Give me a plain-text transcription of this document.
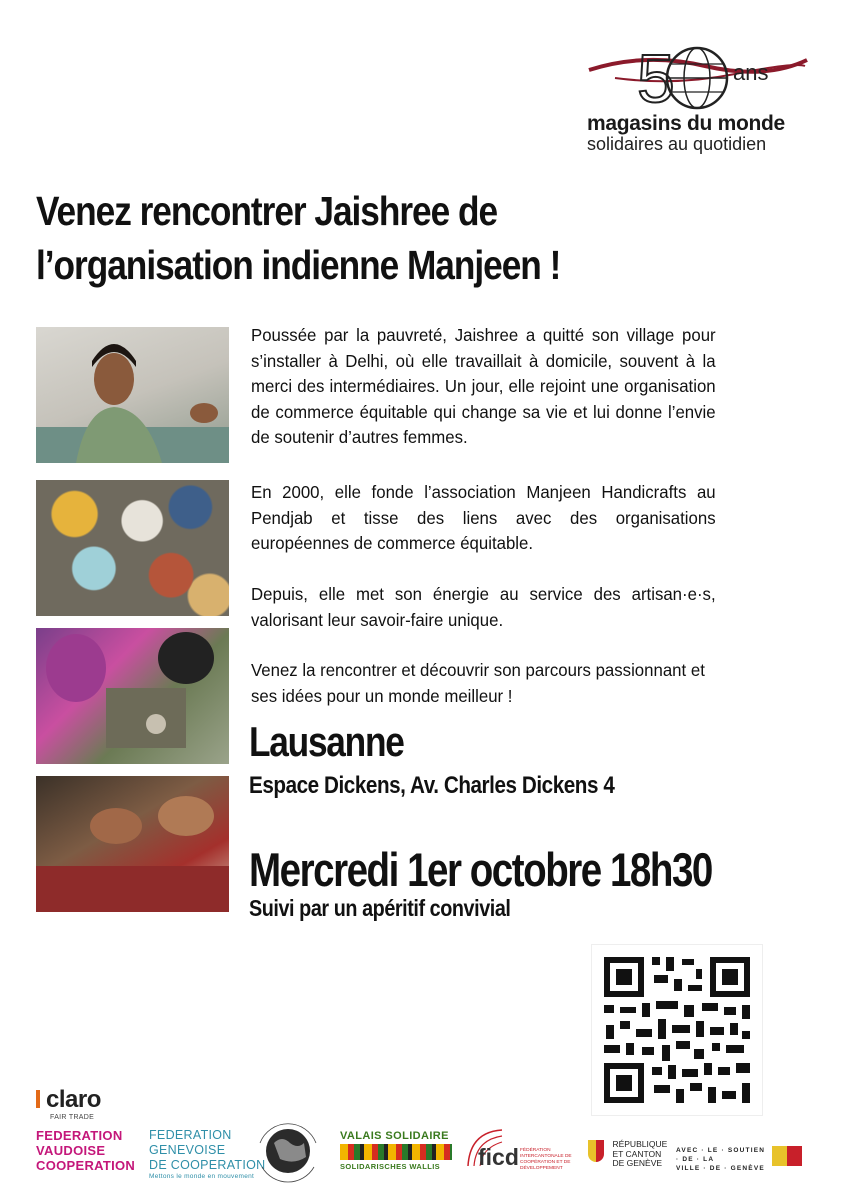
5	ans
magasins du monde
solidaires au quotidien
Venez rencontrer Jaishree de
l’organisation indienne Manjeen !
Poussée par la pauvreté, Jaishree a quitté son village pour s’installer à Delhi, où elle travaillait à domicile, souvent à la merci des intermédiaires. Un jour, elle rejoint une organisation de commerce équitable qui change sa vie et lui donne l’envie de soutenir d’autres femmes.
En 2000, elle fonde l’association Manjeen Handicrafts au Pendjab et tisse des liens avec des organisations européennes de commerce équitable.
Depuis, elle met son énergie au service des artisan·e·s, valorisant leur savoir-faire unique.
Venez la rencontrer et découvrir son parcours passionnant et ses idées pour un monde meilleur !
Lausanne
Espace Dickens, Av. Charles Dickens 4
Mercredi 1er octobre 18h30
Suivi par un apéritif convivial
claro
FAIR TRADE
FEDERATION
VAUDOISE
COOPERATION
FEDERATION
GENEVOISE
DE COOPERATION
Mettons le monde en mouvement
VALAIS SOLIDAIRE
SOLIDARISCHES WALLIS	ficd FÉDÉRATION INTERCANTONALE DE COOPÉRATION ET DE DÉVELOPPEMENT

RÉPUBLIQUE
ET CANTON
DE GENÈVE
AVEC · LE · SOUTIEN
· DE · LA
VILLE · DE · GENÈVE
